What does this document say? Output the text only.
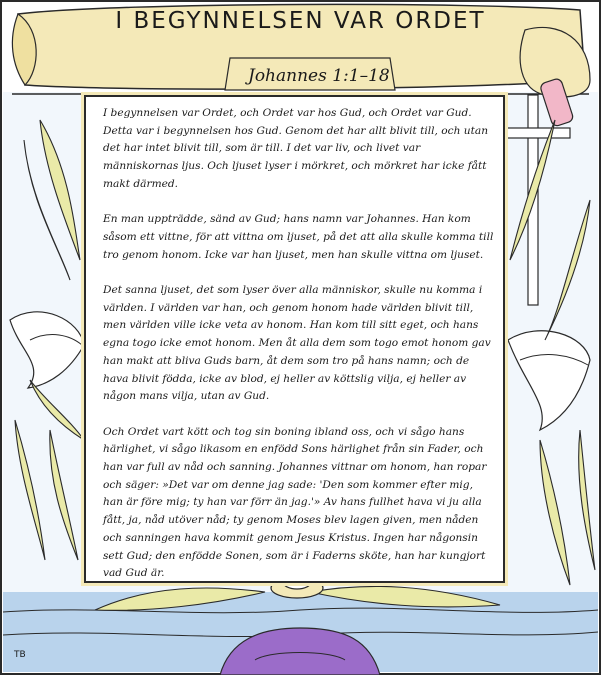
I BEGYNNELSEN VAR ORDET
Johannes 1:1–18

I begynnelsen var Ordet, och Ordet var hos Gud, och Ordet var Gud. Detta var i begynnelsen hos Gud. Genom det har allt blivit till, och utan det har intet blivit till, som är till. I det var liv, och livet var människornas ljus. Och ljuset lyser i mörkret, och mörkret har icke fått makt därmed.

En man uppträdde, sänd av Gud; hans namn var Johannes. Han kom såsom ett vittne, för att vittna om ljuset, på det att alla skulle komma till tro genom honom. Icke var han ljuset, men han skulle vittna om ljuset.

Det sanna ljuset, det som lyser över alla människor, skulle nu komma i världen. I världen var han, och genom honom hade världen blivit till, men världen ville icke veta av honom. Han kom till sitt eget, och hans egna togo icke emot honom. Men åt alla dem som togo emot honom gav han makt att bliva Guds barn, åt dem som tro på hans namn; och de hava blivit födda, icke av blod, ej heller av köttslig vilja, ej heller av någon mans vilja, utan av Gud.

Och Ordet vart kött och tog sin boning ibland oss, och vi sågo hans härlighet, vi sågo likasom en enfödd Sons härlighet från sin Fader, och han var full av nåd och sanning. Johannes vittnar om honom, han ropar och säger: »Det var om denne jag sade: 'Den som kommer efter mig, han är före mig; ty han var förr än jag.'» Av hans fullhet hava vi ju alla fått, ja, nåd utöver nåd; ty genom Moses blev lagen given, men nåden och sanningen hava kommit genom Jesus Kristus. Ingen har någonsin sett Gud; den enfödde Sonen, som är i Faderns sköte, han har kungjort vad Gud är.

TB
